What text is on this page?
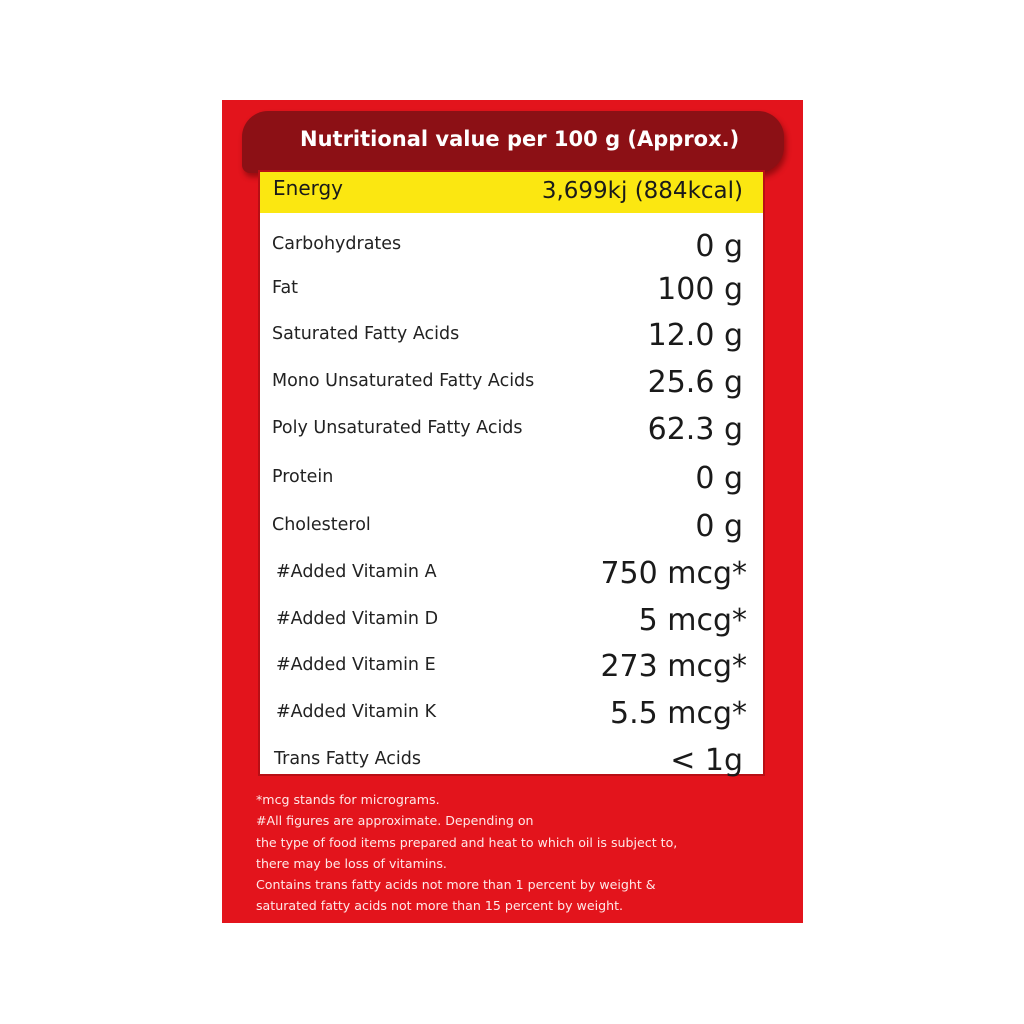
Nutritional value per 100 g (Approx.)
Energy	3,699kj (884kcal)
Carbohydrates	0 g
Fat	100 g
Saturated Fatty Acids	12.0 g
Mono Unsaturated Fatty Acids	25.6 g
Poly Unsaturated Fatty Acids	62.3 g
Protein	0 g
Cholesterol	0 g
#Added Vitamin A	750 mcg*
#Added Vitamin D	5 mcg*
#Added Vitamin E	273 mcg*
#Added Vitamin K	5.5 mcg*
Trans Fatty Acids	< 1g
*mcg stands for micrograms.
#All figures are approximate. Depending on
the type of food items prepared and heat to which oil is subject to,
there may be loss of vitamins.
Contains trans fatty acids not more than 1 percent by weight &
saturated fatty acids not more than 15 percent by weight.
